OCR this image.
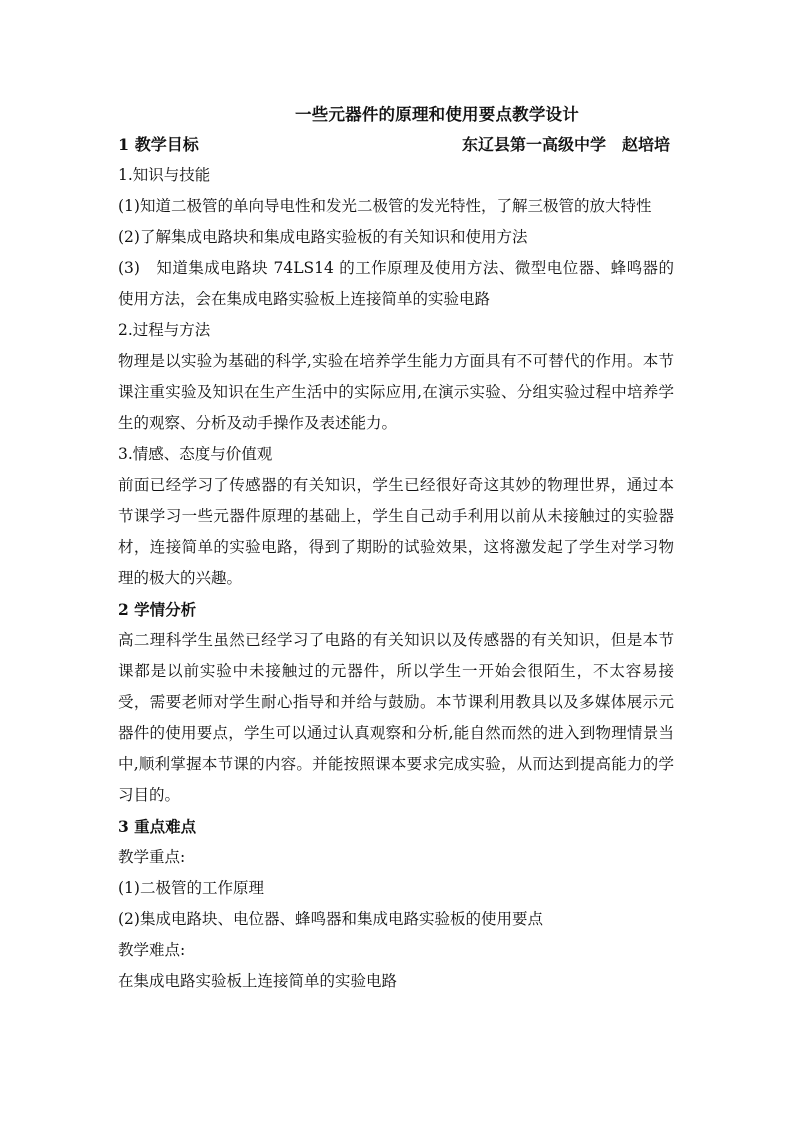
一些元器件的原理和使用要点教学设计
1 教学目标	东辽县第一高级中学　赵培培
1.知识与技能
(1)知道二极管的单向导电性和发光二极管的发光特性，了解三极管的放大特性
(2)了解集成电路块和集成电路实验板的有关知识和使用方法
(3)　知道集成电路块 74LS14 的工作原理及使用方法、微型电位器、蜂鸣器的使用方法，会在集成电路实验板上连接简单的实验电路
2.过程与方法
物理是以实验为基础的科学,实验在培养学生能力方面具有不可替代的作用。本节课注重实验及知识在生产生活中的实际应用,在演示实验、分组实验过程中培养学生的观察、分析及动手操作及表述能力。
3.情感、态度与价值观
前面已经学习了传感器的有关知识，学生已经很好奇这其妙的物理世界，通过本节课学习一些元器件原理的基础上，学生自己动手利用以前从未接触过的实验器材，连接简单的实验电路，得到了期盼的试验效果，这将激发起了学生对学习物理的极大的兴趣。
2 学情分析
高二理科学生虽然已经学习了电路的有关知识以及传感器的有关知识，但是本节课都是以前实验中未接触过的元器件，所以学生一开始会很陌生，不太容易接受，需要老师对学生耐心指导和并给与鼓励。本节课利用教具以及多媒体展示元器件的使用要点，学生可以通过认真观察和分析,能自然而然的进入到物理情景当中,顺利掌握本节课的内容。并能按照课本要求完成实验，从而达到提高能力的学习目的。
3 重点难点
教学重点:
(1)二极管的工作原理
(2)集成电路块、电位器、蜂鸣器和集成电路实验板的使用要点
教学难点:
在集成电路实验板上连接简单的实验电路
